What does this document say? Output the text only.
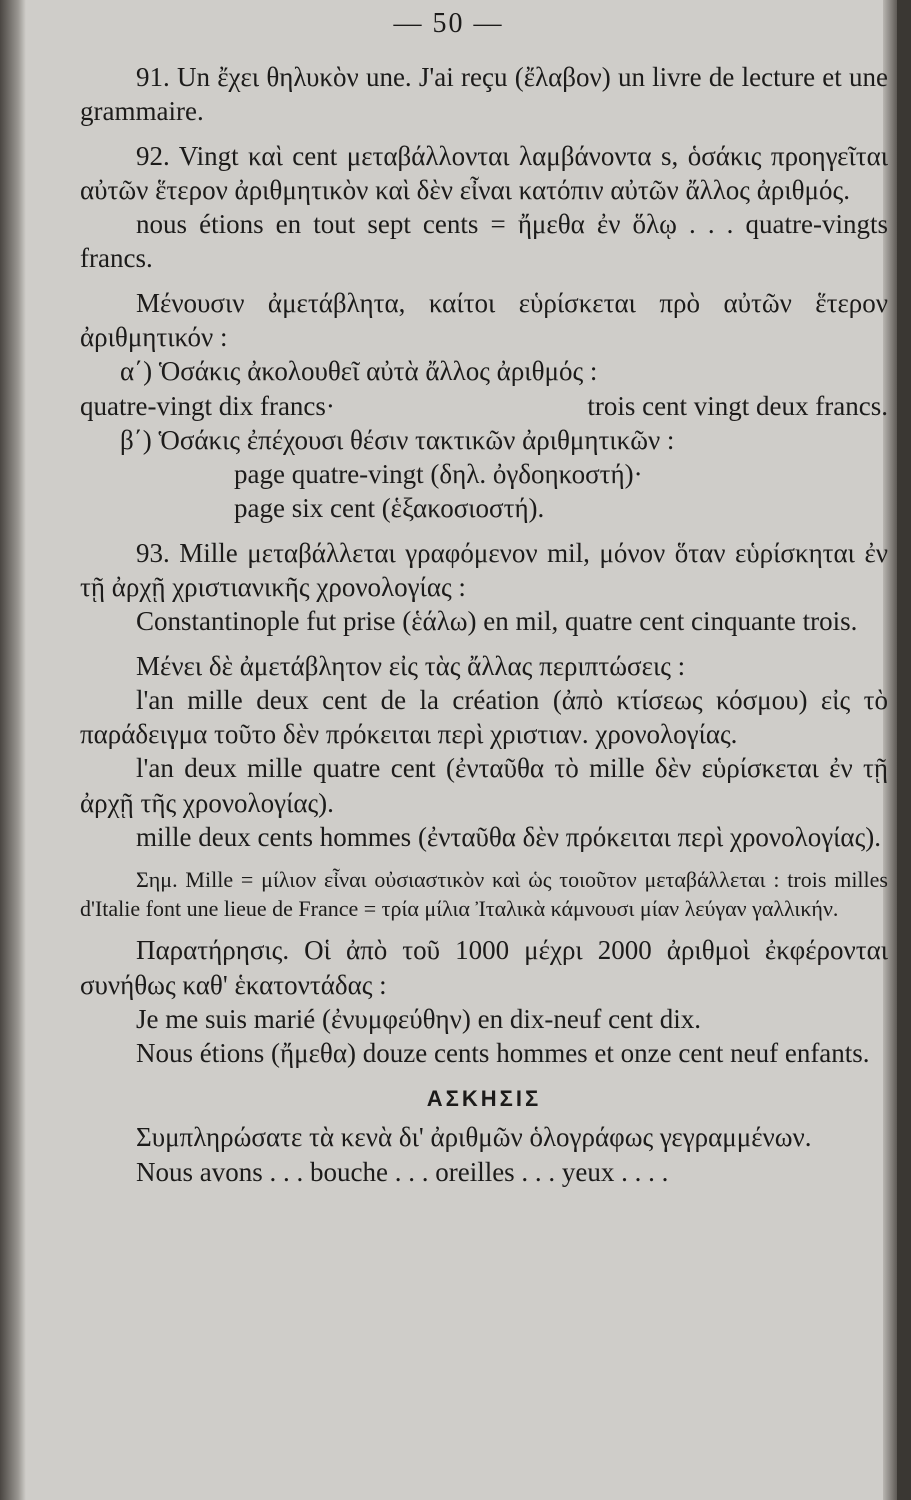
— 50 —

91. Un ἔχει θηλυκὸν une. J'ai reçu (ἔλαβον) un livre de lecture et une grammaire.

92. Vingt καὶ cent μεταβάλλονται λαμβάνοντα s, ὁσάκις προηγεῖται αὐτῶν ἕτερον ἀριθμητικὸν καὶ δὲν εἶναι κατόπιν αὐτῶν ἄλλος ἀριθμός.

nous étions en tout sept cents = ἤμεθα ἐν ὅλῳ . . . quatre-vingts francs.

Μένουσιν ἀμετάβλητα, καίτοι εὑρίσκεται πρὸ αὐτῶν ἕτερον ἀριθμητικόν :

α΄) Ὁσάκις ἀκολουθεῖ αὐτὰ ἄλλος ἀριθμός :

quatre-vingt dix francs·	trois cent vingt deux francs.

β΄) Ὁσάκις ἐπέχουσι θέσιν τακτικῶν ἀριθμητικῶν :

page quatre-vingt (δηλ. ὀγδοηκοστή)·

page six cent (ἑξακοσιοστή).

93. Mille μεταβάλλεται γραφόμενον mil, μόνον ὅταν εὑρίσκηται ἐν τῇ ἀρχῇ χριστιανικῆς χρονολογίας :

Constantinople fut prise (ἑάλω) en mil, quatre cent cinquante trois.

Μένει δὲ ἀμετάβλητον εἰς τὰς ἄλλας περιπτώσεις :

l'an mille deux cent de la création (ἀπὸ κτίσεως κόσμου) εἰς τὸ παράδειγμα τοῦτο δὲν πρόκειται περὶ χριστιαν. χρονολογίας.

l'an deux mille quatre cent (ἐνταῦθα τὸ mille δὲν εὑρίσκεται ἐν τῇ ἀρχῇ τῆς χρονολογίας).

mille deux cents hommes (ἐνταῦθα δὲν πρόκειται περὶ χρονολογίας).

Σημ. Mille = μίλιον εἶναι οὐσιαστικὸν καὶ ὡς τοιοῦτον μεταβάλλεται : trois milles d'Italie font une lieue de France = τρία μίλια Ἰταλικὰ κάμνουσι μίαν λεύγαν γαλλικήν.

Παρατήρησις. Οἱ ἀπὸ τοῦ 1000 μέχρι 2000 ἀριθμοὶ ἐκφέρονται συνήθως καθ' ἑκατοντάδας :

Je me suis marié (ἐνυμφεύθην) en dix-neuf cent dix.

Nous étions (ἤμεθα) douze cents hommes et onze cent neuf enfants.

ΑΣΚΗΣΙΣ

Συμπληρώσατε τὰ κενὰ δι' ἀριθμῶν ὁλογράφως γεγραμμένων.

Nous avons . . . bouche . . . oreilles . . . yeux . . . .
